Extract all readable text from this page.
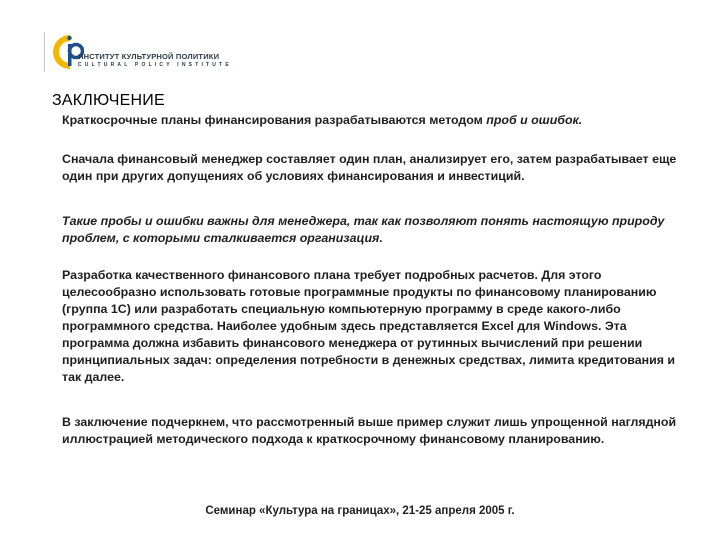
ИНСТИТУТ КУЛЬТУРНОЙ ПОЛИТИКИ
CULTURAL POLICY INSTITUTE
ЗАКЛЮЧЕНИЕ
Краткосрочные планы финансирования разрабатываются методом проб и ошибок.
Сначала финансовый менеджер составляет один план, анализирует его, затем разрабатывает еще один при других допущениях об условиях финансирования и инвестиций.
Такие пробы и ошибки важны для менеджера, так как позволяют понять настоящую природу проблем, с которыми сталкивается организация.
Разработка качественного финансового плана требует подробных расчетов. Для этого целесообразно использовать готовые программные продукты по финансовому планированию (группа 1С) или разработать специальную компьютерную программу в среде какого-либо программного средства. Наиболее удобным здесь представляется Excel для Windows. Эта программа должна избавить финансового менеджера от рутинных вычислений при решении принципиальных задач: определения потребности в денежных средствах, лимита кредитования и так далее.
В заключение подчеркнем, что рассмотренный выше пример служит лишь упрощенной наглядной иллюстрацией методического подхода к краткосрочному финансовому планированию.
Семинар «Культура на границах», 21-25 апреля 2005 г.
